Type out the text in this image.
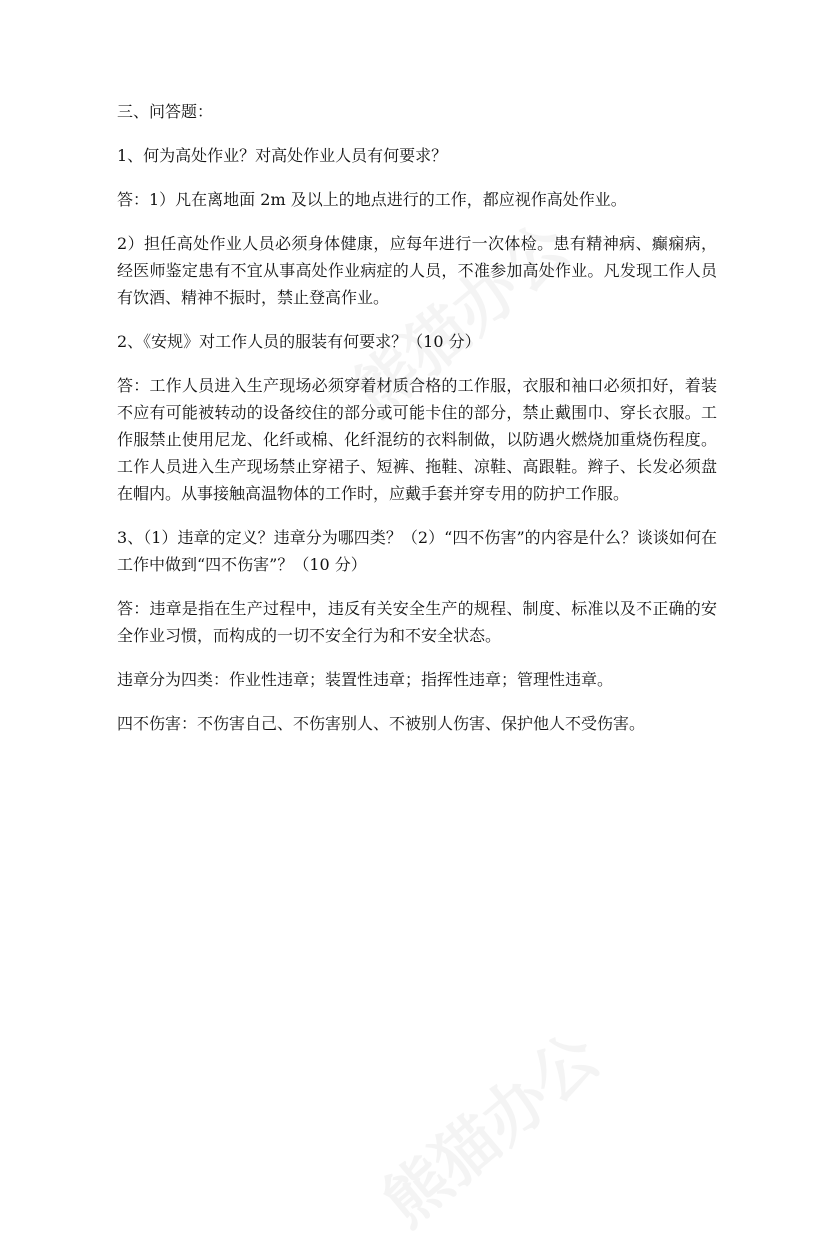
三、问答题：

1、何为高处作业？对高处作业人员有何要求？

答：1）凡在离地面 2m 及以上的地点进行的工作，都应视作高处作业。

2）担任高处作业人员必须身体健康，应每年进行一次体检。患有精神病、癫痫病，经医师鉴定患有不宜从事高处作业病症的人员，不准参加高处作业。凡发现工作人员有饮酒、精神不振时，禁止登高作业。

2、《安规》对工作人员的服装有何要求？（10 分）

答：工作人员进入生产现场必须穿着材质合格的工作服，衣服和袖口必须扣好，着装不应有可能被转动的设备绞住的部分或可能卡住的部分，禁止戴围巾、穿长衣服。工作服禁止使用尼龙、化纤或棉、化纤混纺的衣料制做，以防遇火燃烧加重烧伤程度。工作人员进入生产现场禁止穿裙子、短裤、拖鞋、凉鞋、高跟鞋。辫子、长发必须盘在帽内。从事接触高温物体的工作时，应戴手套并穿专用的防护工作服。

3、（1）违章的定义？违章分为哪四类？（2）“四不伤害”的内容是什么？谈谈如何在工作中做到“四不伤害”？（10 分）

答：违章是指在生产过程中，违反有关安全生产的规程、制度、标准以及不正确的安全作业习惯，而构成的一切不安全行为和不安全状态。

违章分为四类：作业性违章；装置性违章；指挥性违章；管理性违章。

四不伤害：不伤害自己、不伤害别人、不被别人伤害、保护他人不受伤害。
